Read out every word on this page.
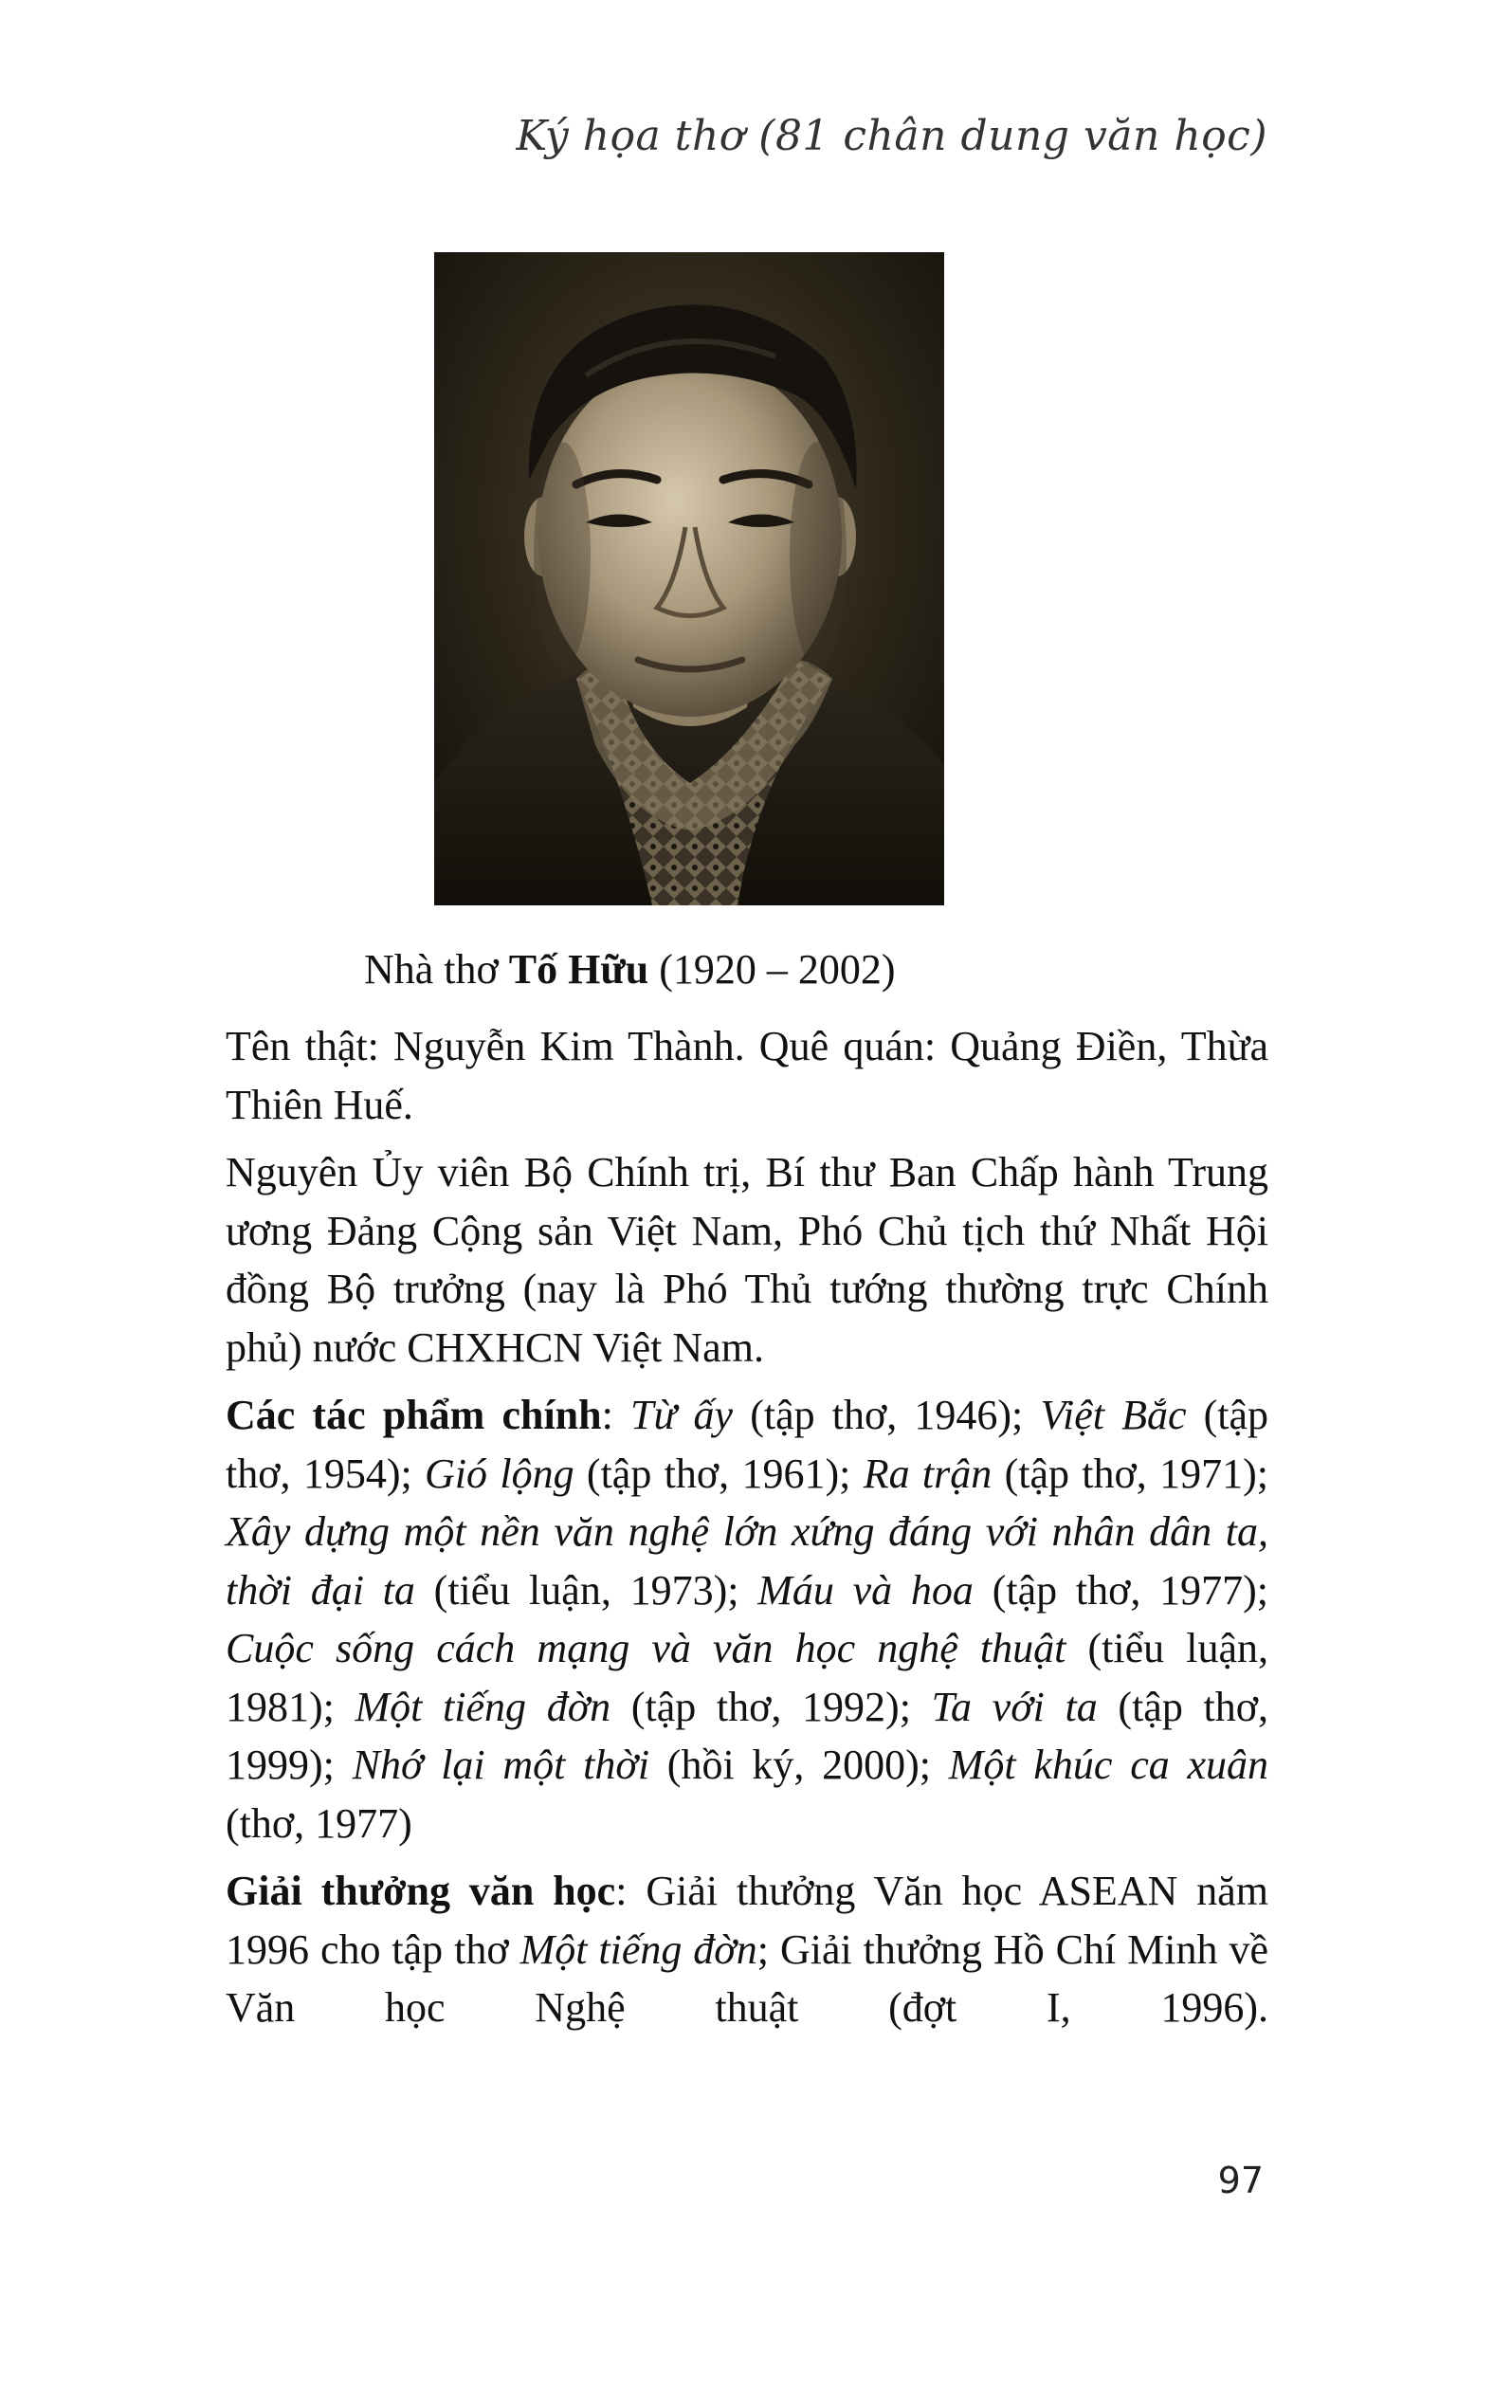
Ký họa thơ (81 chân dung văn học)
Nhà thơ Tố Hữu (1920 – 2002)

Tên thật: Nguyễn Kim Thành. Quê quán: Quảng Điền, Thừa Thiên Huế.

Nguyên Ủy viên Bộ Chính trị, Bí thư Ban Chấp hành Trung ương Đảng Cộng sản Việt Nam, Phó Chủ tịch thứ Nhất Hội đồng Bộ trưởng (nay là Phó Thủ tướng thường trực Chính phủ) nước CHXHCN Việt Nam.

Các tác phẩm chính: Từ ấy (tập thơ, 1946); Việt Bắc (tập thơ, 1954); Gió lộng (tập thơ, 1961); Ra trận (tập thơ, 1971); Xây dựng một nền văn nghệ lớn xứng đáng với nhân dân ta, thời đại ta (tiểu luận, 1973); Máu và hoa (tập thơ, 1977); Cuộc sống cách mạng và văn học nghệ thuật (tiểu luận, 1981); Một tiếng đờn (tập thơ, 1992); Ta với ta (tập thơ, 1999); Nhớ lại một thời (hồi ký, 2000); Một khúc ca xuân (thơ, 1977)

Giải thưởng văn học: Giải thưởng Văn học ASEAN năm 1996 cho tập thơ Một tiếng đờn; Giải thưởng Hồ Chí Minh về Văn học Nghệ thuật (đợt I, 1996).

97
